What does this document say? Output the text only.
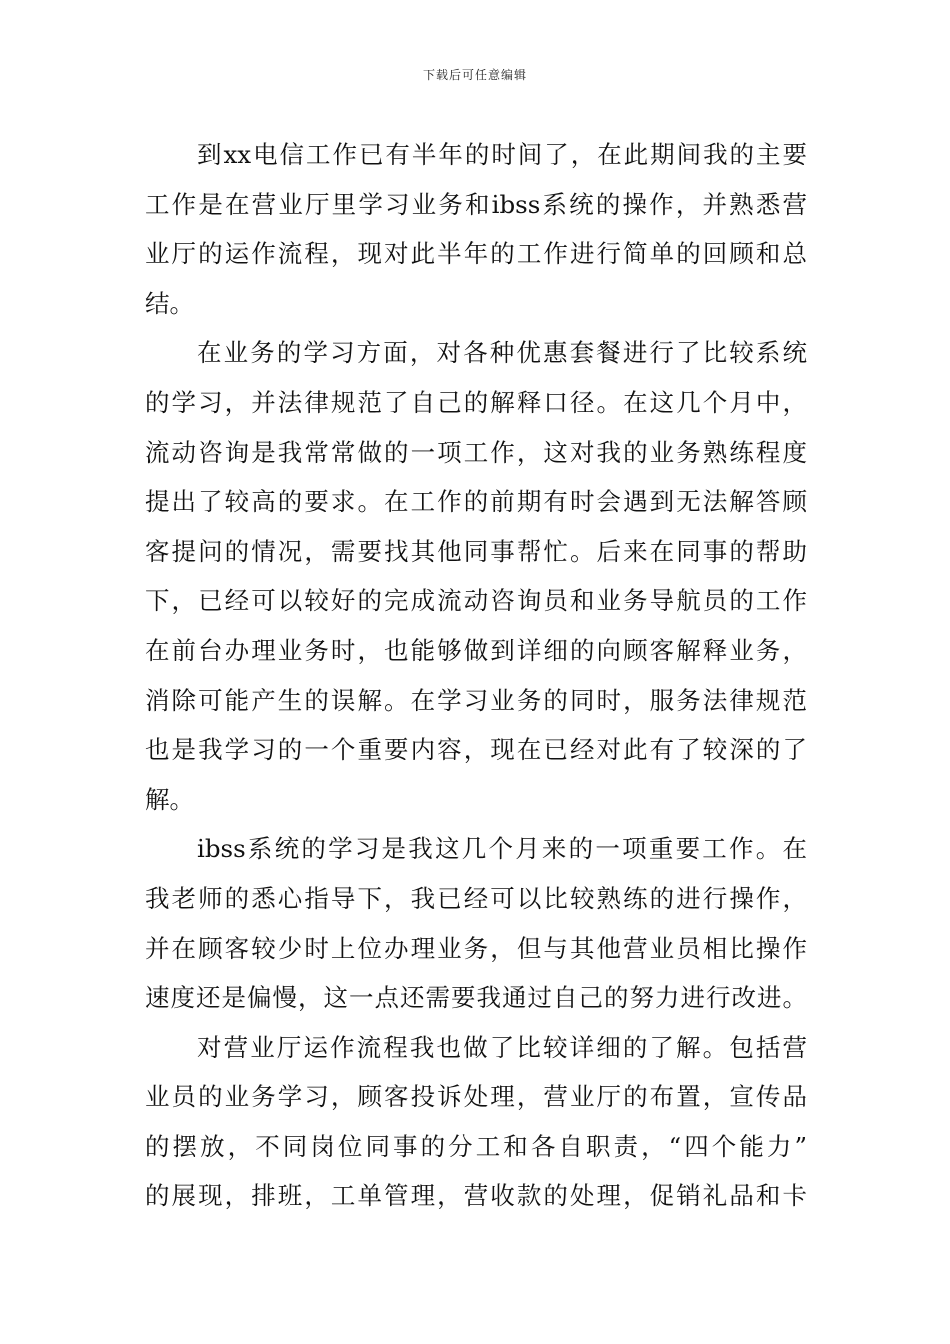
下载后可任意编辑
到xx电信工作已有半年的时间了，在此期间我的主要
工作是在营业厅里学习业务和ibss系统的操作，并熟悉营
业厅的运作流程，现对此半年的工作进行简单的回顾和总
结。
在业务的学习方面，对各种优惠套餐进行了比较系统
的学习，并法律规范了自己的解释口径。在这几个月中，
流动咨询是我常常做的一项工作，这对我的业务熟练程度
提出了较高的要求。在工作的前期有时会遇到无法解答顾
客提问的情况，需要找其他同事帮忙。后来在同事的帮助
下，已经可以较好的完成流动咨询员和业务导航员的工作
在前台办理业务时，也能够做到详细的向顾客解释业务，
消除可能产生的误解。在学习业务的同时，服务法律规范
也是我学习的一个重要内容，现在已经对此有了较深的了
解。
ibss系统的学习是我这几个月来的一项重要工作。在
我老师的悉心指导下，我已经可以比较熟练的进行操作，
并在顾客较少时上位办理业务，但与其他营业员相比操作
速度还是偏慢，这一点还需要我通过自己的努力进行改进。
对营业厅运作流程我也做了比较详细的了解。包括营
业员的业务学习，顾客投诉处理，营业厅的布置，宣传品
的摆放，不同岗位同事的分工和各自职责，“四个能力”
的展现，排班，工单管理，营收款的处理，促销礼品和卡
